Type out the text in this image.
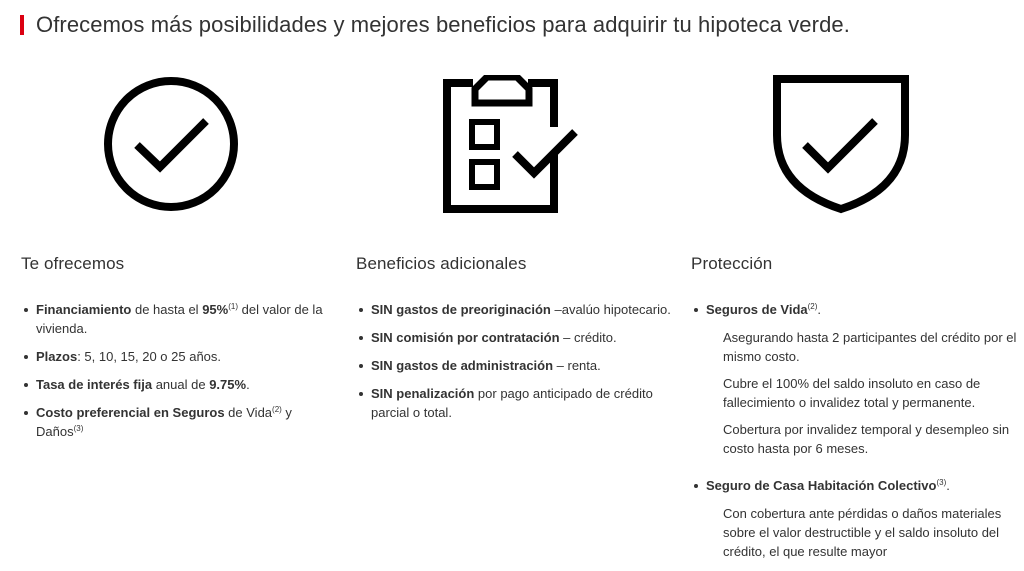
Ofrecemos más posibilidades y mejores beneficios para adquirir tu hipoteca verde.
Te ofrecemos
Financiamiento de hasta el 95%$^{(1)}$ del valor de la vivienda.
Plazos: 5, 10, 15, 20 o 25 años.
Tasa de interés fija anual de 9.75%.
Costo preferencial en Seguros de Vida$^{(2)}$ y Daños$^{(3)}$
Beneficios adicionales
SIN gastos de preoriginación –avalúo hipotecario.
SIN comisión por contratación – crédito.
SIN gastos de administración – renta.
SIN penalización por pago anticipado de crédito parcial o total.
Protección
Seguros de Vida$^{(2)}$.

Asegurando hasta 2 participantes del crédito por el mismo costo.

Cubre el 100% del saldo insoluto en caso de fallecimiento o invalidez total y permanente.

Cobertura por invalidez temporal y desempleo sin costo hasta por 6 meses.

Seguro de Casa Habitación Colectivo$^{(3)}$.

Con cobertura ante pérdidas o daños materiales sobre el valor destructible y el saldo insoluto del crédito, el que resulte mayor
